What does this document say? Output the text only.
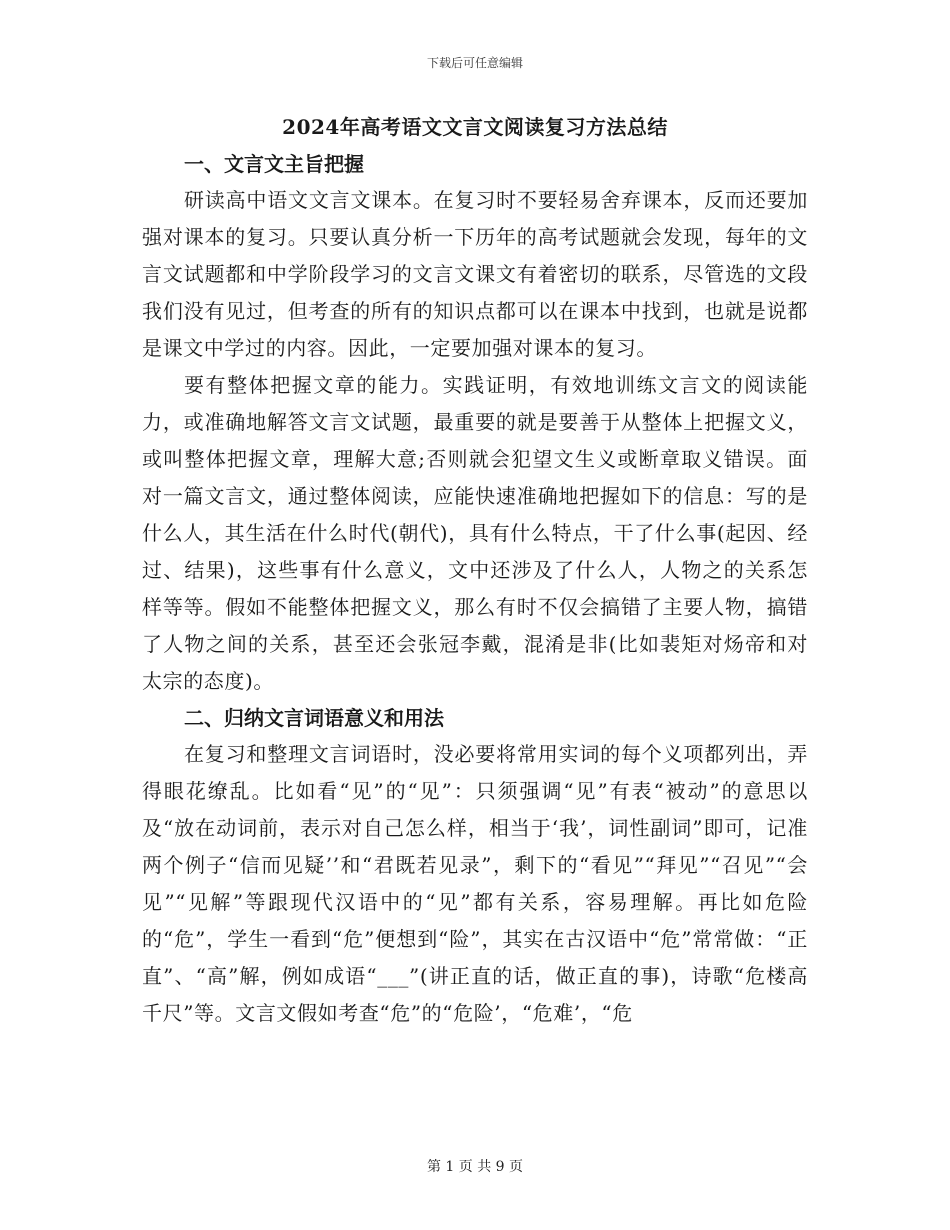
下载后可任意编辑
2024年高考语文文言文阅读复习方法总结
一、文言文主旨把握

研读高中语文文言文课本。在复习时不要轻易舍弃课本，反而还要加强对课本的复习。只要认真分析一下历年的高考试题就会发现，每年的文言文试题都和中学阶段学习的文言文课文有着密切的联系，尽管选的文段我们没有见过，但考查的所有的知识点都可以在课本中找到，也就是说都是课文中学过的内容。因此，一定要加强对课本的复习。

要有整体把握文章的能力。实践证明，有效地训练文言文的阅读能力，或准确地解答文言文试题，最重要的就是要善于从整体上把握文义，或叫整体把握文章，理解大意;否则就会犯望文生义或断章取义错误。面对一篇文言文，通过整体阅读，应能快速准确地把握如下的信息：写的是什么人，其生活在什么时代(朝代)，具有什么特点，干了什么事(起因、经过、结果)，这些事有什么意义，文中还涉及了什么人，人物之的关系怎样等等。假如不能整体把握文义，那么有时不仅会搞错了主要人物，搞错了人物之间的关系，甚至还会张冠李戴，混淆是非(比如裴矩对炀帝和对太宗的态度)。

二、归纳文言词语意义和用法

在复习和整理文言词语时，没必要将常用实词的每个义项都列出，弄得眼花缭乱。比如看“见”的“见”：只须强调“见”有表“被动”的意思以及“放在动词前，表示对自己怎么样，相当于‘我’，词性副词”即可，记准两个例子“信而见疑’’和“君既若见录”，剩下的“看见”“拜见”“召见”“会见”“见解”等跟现代汉语中的“见”都有关系，容易理解。再比如危险的“危”，学生一看到“危”便想到“险”，其实在古汉语中“危”常常做：“正直”、“高”解，例如成语“___”(讲正直的话，做正直的事)，诗歌“危楼高千尺”等。文言文假如考查“危”的“危险’，“危难’，“危

第 1 页 共 9 页
